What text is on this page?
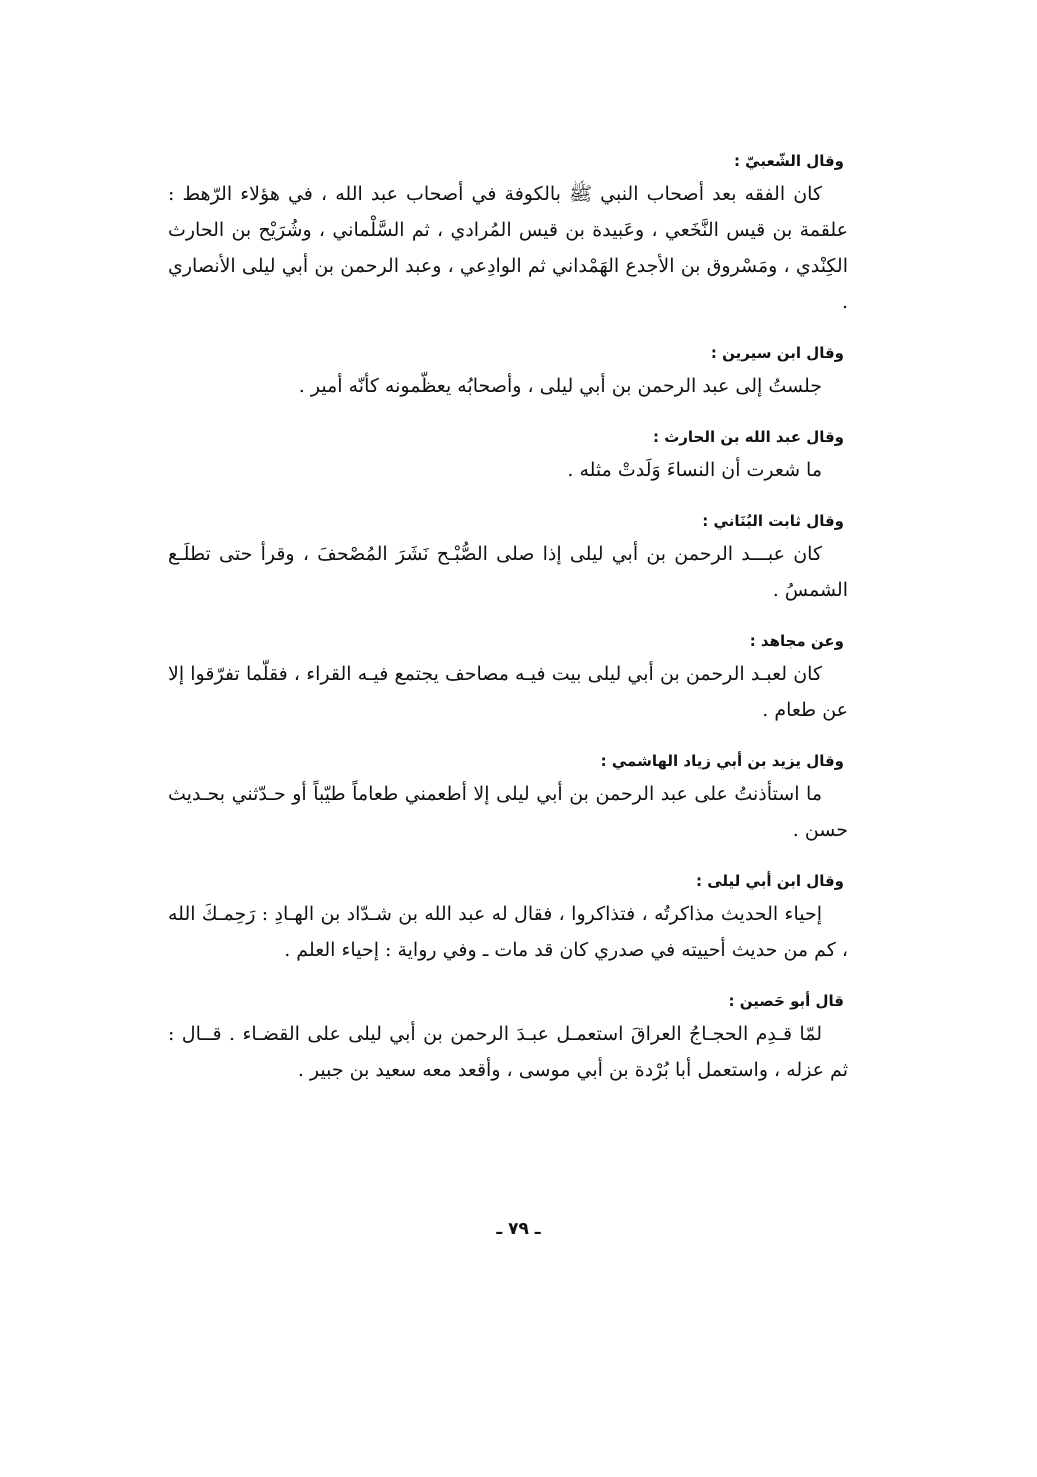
وقال الشّعبيّ :

كان الفقه بعد أصحاب النبي ﷺ بالكوفة في أصحاب عبد الله ، في هؤلاء الرّهط : علقمة بن قيس النَّخَعي ، وعَبيدة بن قيس المُرادي ، ثم السَّلْماني ، وشُرَيْح بن الحارث الكِنْدي ، ومَسْروق بن الأجدع الهَمْداني ثم الوادِعي ، وعبد الرحمن بن أبي ليلى الأنصاري .

وقال ابن سيرين :

جلستُ إلى عبد الرحمن بن أبي ليلى ، وأصحابُه يعظّمونه كأنّه أمير .

وقال عبد الله بن الحارث :

ما شعرت أن النساءَ وَلَدتْ مثله .

وقال ثابت البُنَاني :

كان عبـــد الرحمن بن أبي ليلى إذا صلى الصُّبْـح نَشَرَ المُصْحفَ ، وقرأ حتى تطلَـع الشمسُ .

وعن مجاهد :

كان لعبـد الرحمن بن أبي ليلى بيت فيـه مصاحف يجتمع فيـه القراء ، فقلّما تفرّقوا إلا عن طعام .

وقال يزيد بن أبي زياد الهاشمي :

ما استأذنتُ على عبد الرحمن بن أبي ليلى إلا أطعمني طعاماً طيّباً أو حـدّثني بحـديث حسن .

وقال ابن أبي ليلى :

إحياء الحديث مذاكرتُه ، فتذاكروا ، فقال له عبد الله بن شـدّاد بن الهـادِ : رَحِمـكَ الله ، كم من حديث أحييته في صدري كان قد مات ـ وفي رواية : إحياء العلم .

قال أبو حَصين :

لمّا قـدِم الحجـاجُ العراقَ استعمـل عبـدَ الرحمن بن أبي ليلى على القضـاء . قــال : ثم عزله ، واستعمل أبا بُرْدة بن أبي موسى ، وأقعد معه سعيد بن جبير .

ـ ٧٩ ـ
